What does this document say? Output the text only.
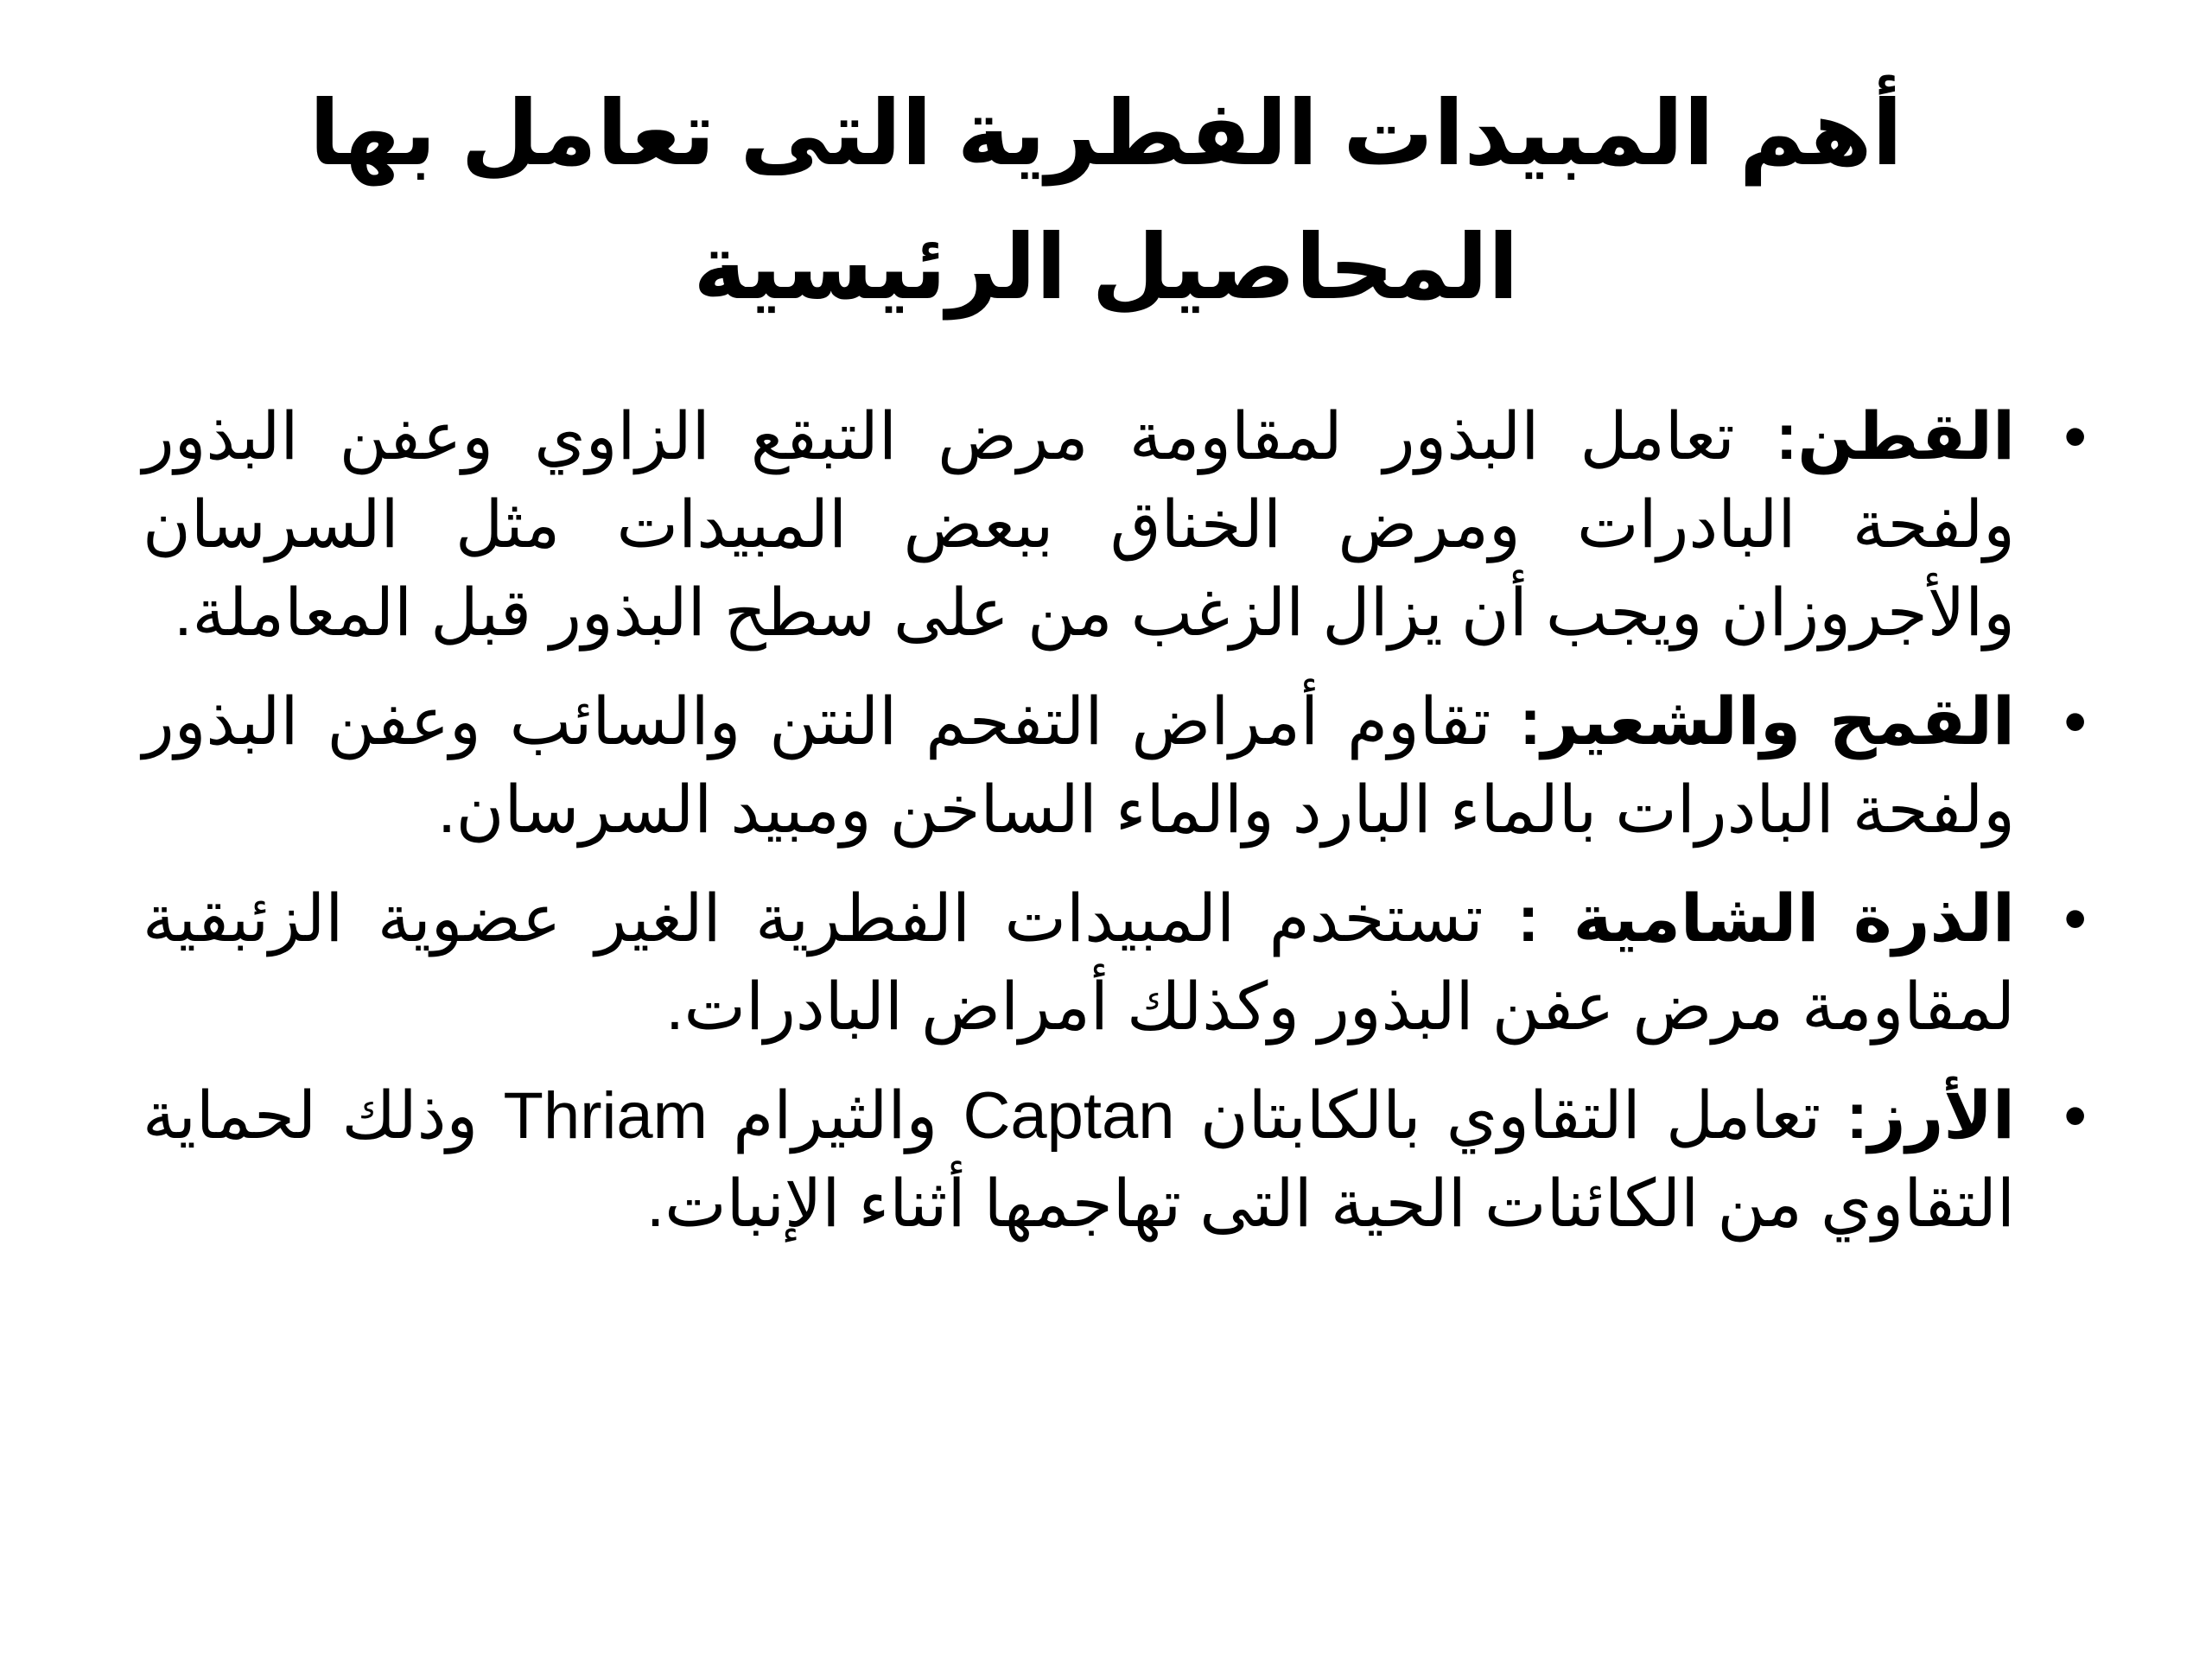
أهم المبيدات الفطرية التى تعامل بها المحاصيل الرئيسية
•
القطن: تعامل البذور لمقاومة مرض التبقع الزاوي وعفن البذور ولفحة البادرات ومرض الخناق ببعض المبيدات مثل السرسان والأجروزان ويجب أن يزال الزغب من على سطح البذور قبل المعاملة.
•
القمح والشعير: تقاوم أمراض التفحم النتن والسائب وعفن البذور ولفحة البادرات بالماء البارد والماء الساخن ومبيد السرسان.
•
الذرة الشامية : تستخدم المبيدات الفطرية الغير عضوية الزئبقية لمقاومة مرض عفن البذور وكذلك أمراض البادرات.
•
الأرز: تعامل التقاوي بالكابتان Captan والثيرام Thriam وذلك لحماية التقاوي من الكائنات الحية التى تهاجمها أثناء الإنبات.
